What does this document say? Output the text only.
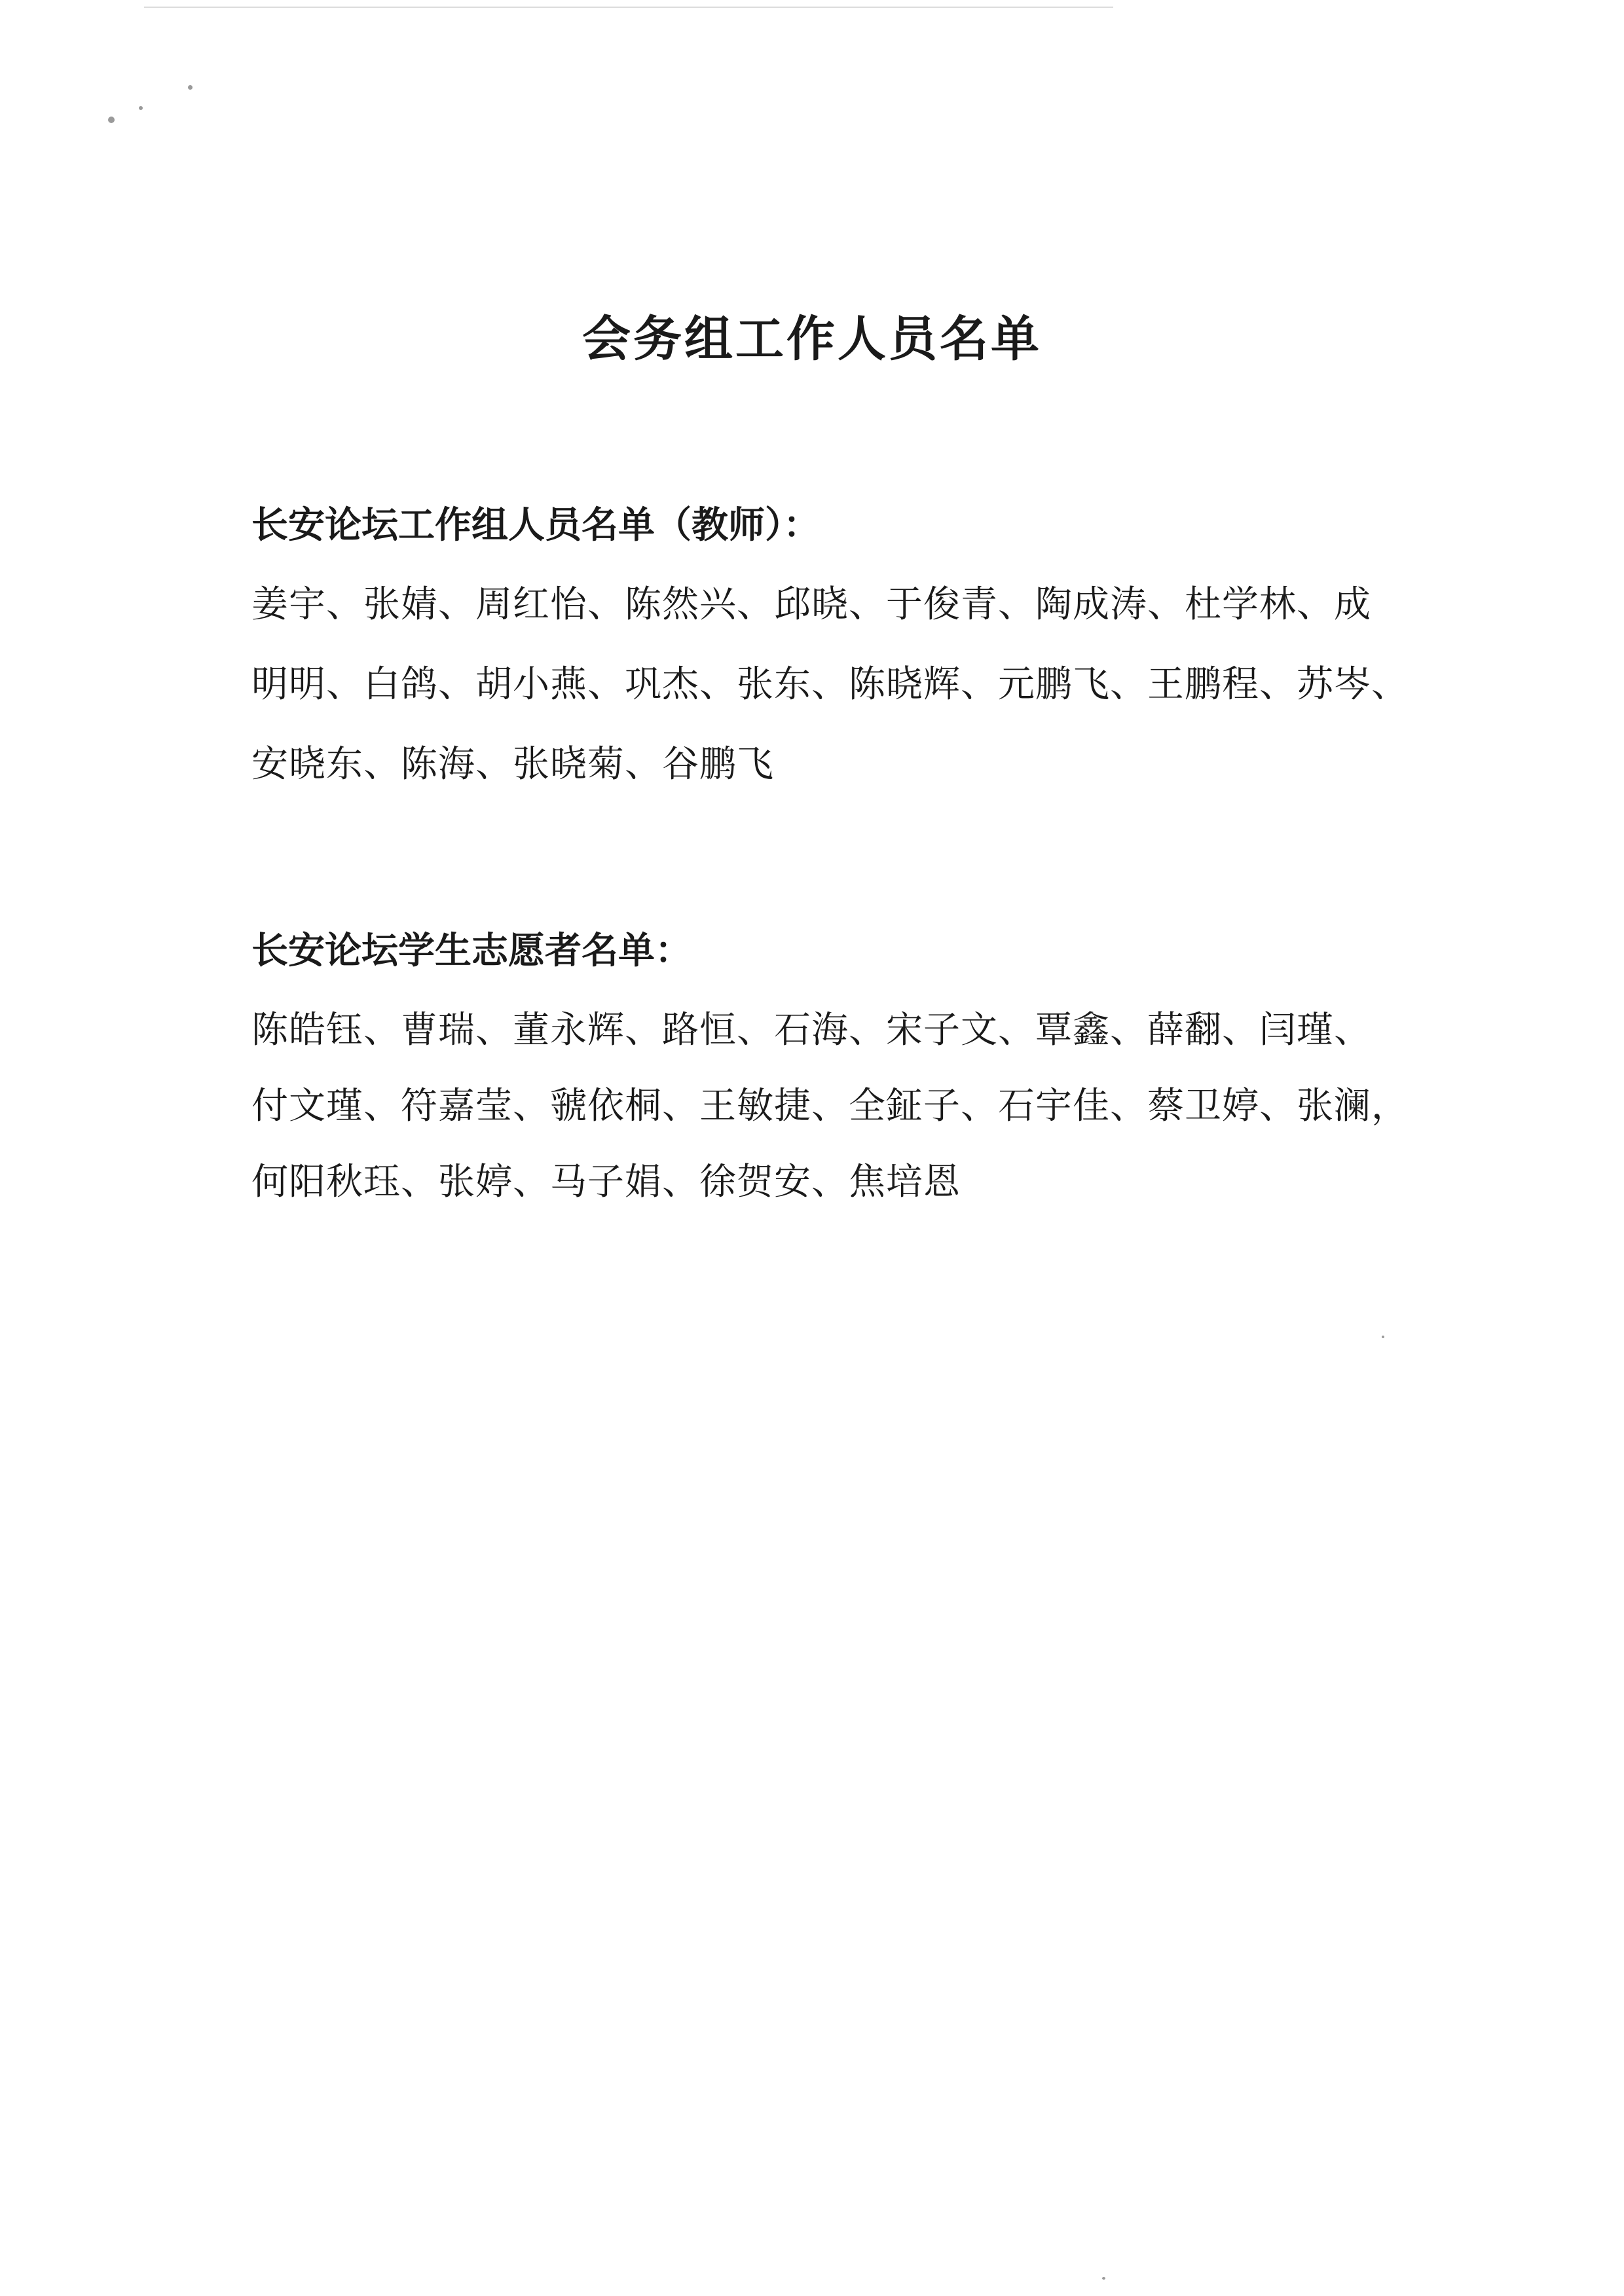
会务组工作人员名单
长安论坛工作组人员名单（教师）：
姜宇、张婧、周红怡、陈然兴、邱晓、于俊青、陶成涛、杜学林、成
明明、白鸽、胡小燕、巩杰、张东、陈晓辉、元鹏飞、王鹏程、苏岑、
安晓东、陈海、张晓菊、谷鹏飞
长安论坛学生志愿者名单：
陈皓钰、曹瑞、董永辉、路恒、石海、宋子文、覃鑫、薛翻、闫瑾、
付文瑾、符嘉莹、虢依桐、王敏捷、全鉦子、石宇佳、蔡卫婷、张澜，
何阳秋珏、张婷、马子娟、徐贺安、焦培恩
